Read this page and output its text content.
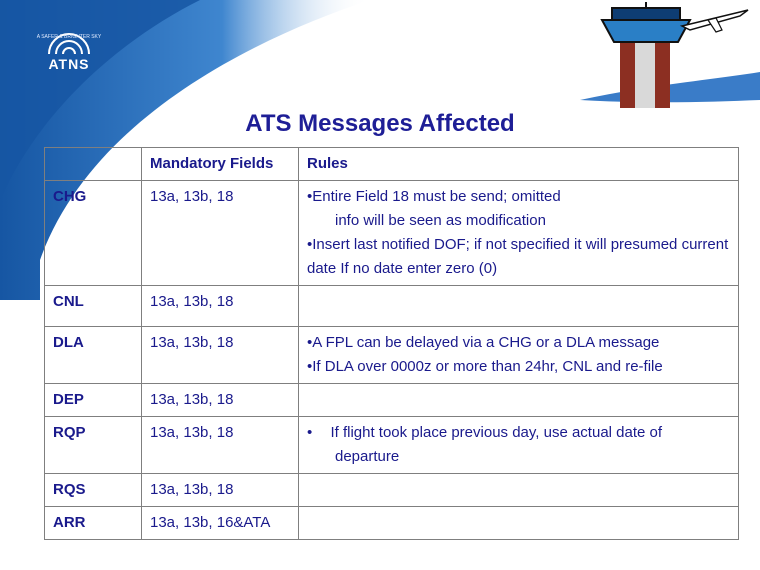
A SAFER & BRIGHTER SKY
ATNS
ATS Messages Affected
	Mandatory Fields	Rules
CHG	13a, 13b, 18	•Entire Field 18 must be send; omitted
info will be seen as modification
•Insert last notified DOF; if not specified it will presumed current date If no date enter zero (0)

CNL	13a, 13b, 18	
DLA	13a, 13b, 18	•A FPL can be delayed via a CHG or a DLA message
•If DLA over 0000z or more than 24hr, CNL and re-file

DEP	13a, 13b, 18	
RQP	13a, 13b, 18	• If flight took place previous day, use actual date of
departure

RQS	13a, 13b, 18	
ARR	13a, 13b, 16&ATA	
